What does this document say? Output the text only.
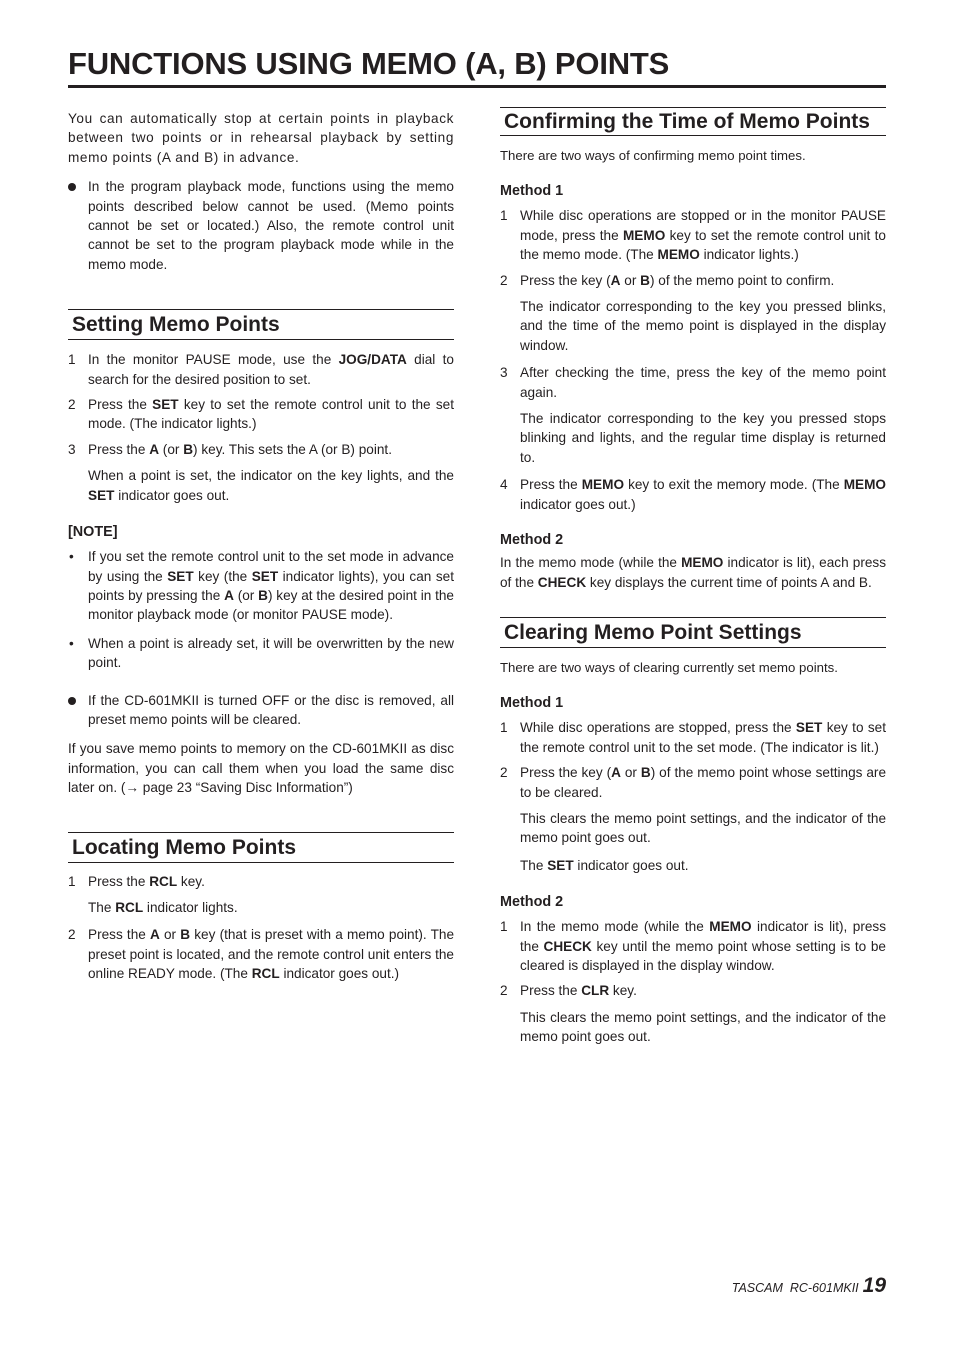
FUNCTIONS USING MEMO (A, B) POINTS

You can automatically stop at certain points in playback between two points or in rehearsal playback by setting memo points (A and B) in advance.

In the program playback mode, functions using the memo points described below cannot be used. (Memo points cannot be set or located.) Also, the remote control unit cannot be set to the program playback mode while in the memo mode.

Setting Memo Points
1 In the monitor PAUSE mode, use the JOG/DATA dial to search for the desired position to set.

2 Press the SET key to set the remote control unit to the set mode. (The indicator lights.)

3 Press the A (or B) key. This sets the A (or B) point.

When a point is set, the indicator on the key lights, and the SET indicator goes out.

[NOTE]

• If you set the remote control unit to the set mode in advance by using the SET key (the SET indicator lights), you can set points by pressing the A (or B) key at the desired point in the monitor playback mode (or monitor PAUSE mode).

• When a point is already set, it will be overwritten by the new point.

If the CD-601MKII is turned OFF or the disc is removed, all preset memo points will be cleared.

If you save memo points to memory on the CD-601MKII as disc information, you can call them when you load the same disc later on. (→ page 23 “Saving Disc Information”)

Locating Memo Points
1 Press the RCL key.

The RCL indicator lights.

2 Press the A or B key (that is preset with a memo point). The preset point is located, and the remote control unit enters the online READY mode. (The RCL indicator goes out.)

Confirming the Time of Memo Points

There are two ways of confirming memo point times.

Method 1

1 While disc operations are stopped or in the monitor PAUSE mode, press the MEMO key to set the remote control unit to the memo mode. (The MEMO indicator lights.)

2 Press the key (A or B) of the memo point to confirm.

The indicator corresponding to the key you pressed blinks, and the time of the memo point is displayed in the display window.

3 After checking the time, press the key of the memo point again.

The indicator corresponding to the key you pressed stops blinking and lights, and the regular time display is returned to.

4 Press the MEMO key to exit the memory mode. (The MEMO indicator goes out.)

Method 2

In the memo mode (while the MEMO indicator is lit), each press of the CHECK key displays the current time of points A and B.

Clearing Memo Point Settings

There are two ways of clearing currently set memo points.

Method 1

1 While disc operations are stopped, press the SET key to set the remote control unit to the set mode. (The indicator is lit.)

2 Press the key (A or B) of the memo point whose settings are to be cleared.

This clears the memo point settings, and the indicator of the memo point goes out.

The SET indicator goes out.

Method 2

1 In the memo mode (while the MEMO indicator is lit), press the CHECK key until the memo point whose setting is to be cleared is displayed in the display window.

2 Press the CLR key.

This clears the memo point settings, and the indicator of the memo point goes out.

TASCAM  RC-601MKII 19
